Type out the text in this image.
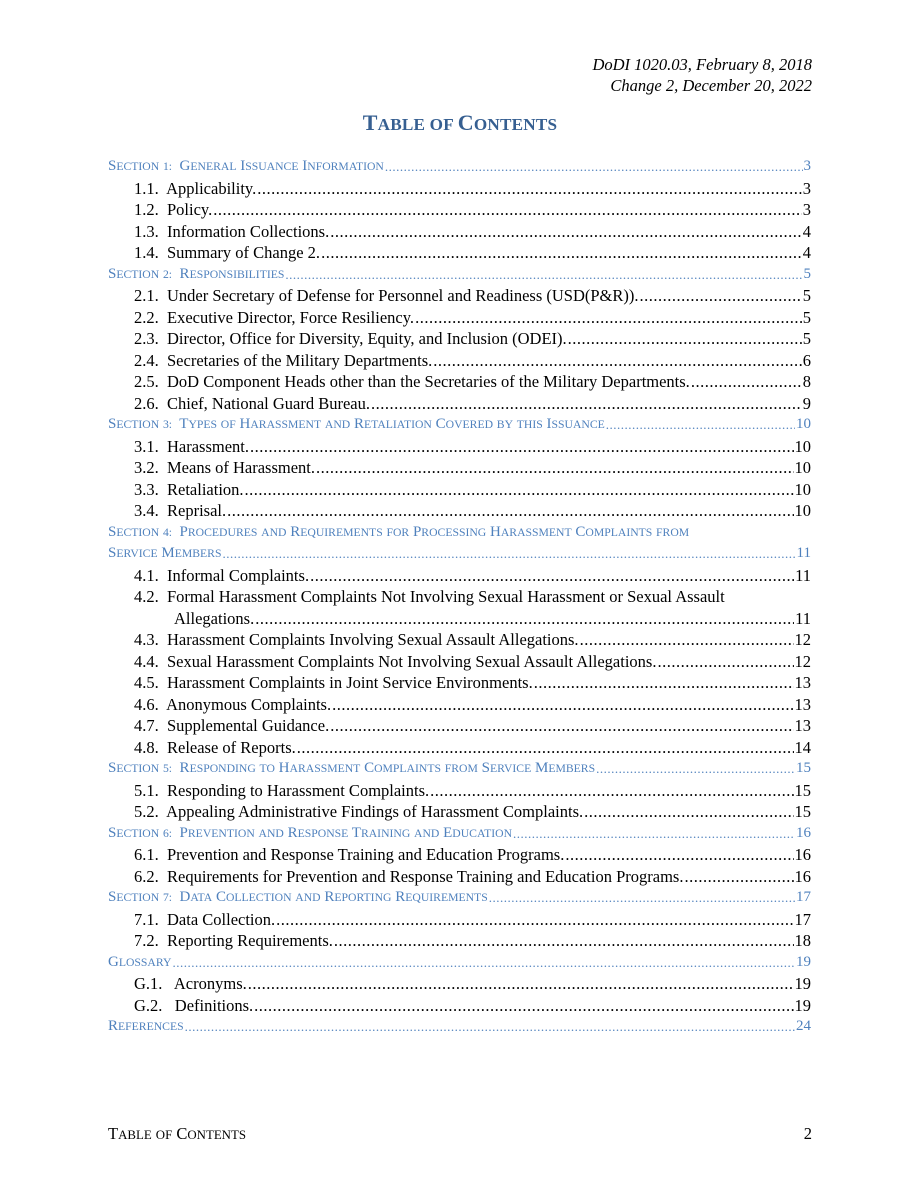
DoDI 1020.03, February 8, 2018
Change 2, December 20, 2022
TABLE OF CONTENTS
SECTION 1: GENERAL ISSUANCE INFORMATION .....	3
1.1. Applicability. .....	3
1.2. Policy. .....	3
1.3. Information Collections. .....	4
1.4. Summary of Change 2. .....	4
SECTION 2: RESPONSIBILITIES .....	5
2.1. Under Secretary of Defense for Personnel and Readiness (USD(P&R)). .....	5
2.2. Executive Director, Force Resiliency. .....	5
2.3. Director, Office for Diversity, Equity, and Inclusion (ODEI). .....	5
2.4. Secretaries of the Military Departments. .....	6
2.5. DoD Component Heads other than the Secretaries of the Military Departments. .....	8
2.6. Chief, National Guard Bureau. .....	9
SECTION 3: TYPES OF HARASSMENT AND RETALIATION COVERED BY THIS ISSUANCE .....	10
3.1. Harassment. .....	10
3.2. Means of Harassment. .....	10
3.3. Retaliation. .....	10
3.4. Reprisal. .....	10
SECTION 4: PROCEDURES AND REQUIREMENTS FOR PROCESSING HARASSMENT COMPLAINTS FROM
SERVICE MEMBERS .....	11
4.1. Informal Complaints. .....	11
4.2. Formal Harassment Complaints Not Involving Sexual Harassment or Sexual Assault
Allegations. .....	11
4.3. Harassment Complaints Involving Sexual Assault Allegations. .....	12
4.4. Sexual Harassment Complaints Not Involving Sexual Assault Allegations. .....	12
4.5. Harassment Complaints in Joint Service Environments. .....	13
4.6. Anonymous Complaints. .....	13
4.7. Supplemental Guidance. .....	13
4.8. Release of Reports. .....	14
SECTION 5: RESPONDING TO HARASSMENT COMPLAINTS FROM SERVICE MEMBERS .....	15
5.1. Responding to Harassment Complaints. .....	15
5.2. Appealing Administrative Findings of Harassment Complaints. .....	15
SECTION 6: PREVENTION AND RESPONSE TRAINING AND EDUCATION .....	16
6.1. Prevention and Response Training and Education Programs. .....	16
6.2. Requirements for Prevention and Response Training and Education Programs. .....	16
SECTION 7: DATA COLLECTION AND REPORTING REQUIREMENTS .....	17
7.1. Data Collection. .....	17
7.2. Reporting Requirements. .....	18
GLOSSARY .....	19
G.1.   Acronyms. .....	19
G.2.   Definitions. .....	19
REFERENCES .....	24
TABLE OF CONTENTS	2
